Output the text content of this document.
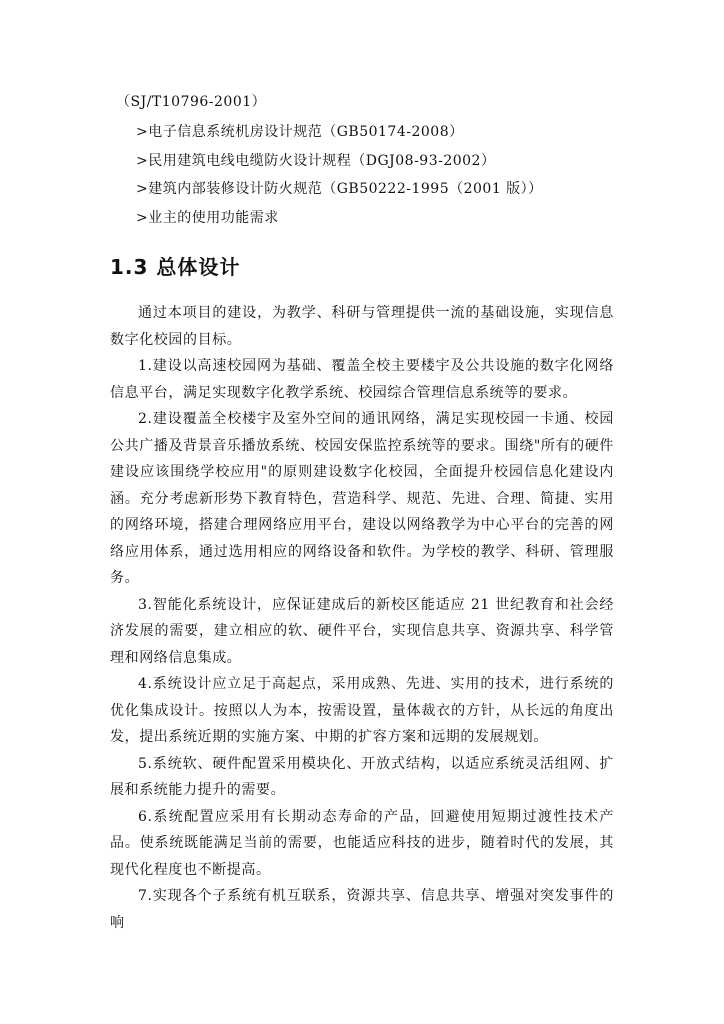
（SJ/T10796-2001）
>电子信息系统机房设计规范（GB50174-2008）
>民用建筑电线电缆防火设计规程（DGJ08-93-2002）
>建筑内部装修设计防火规范（GB50222-1995（2001 版））
>业主的使用功能需求
1.3 总体设计

通过本项目的建设，为教学、科研与管理提供一流的基础设施，实现信息数字化校园的目标。

1.建设以高速校园网为基础、覆盖全校主要楼宇及公共设施的数字化网络信息平台，满足实现数字化教学系统、校园综合管理信息系统等的要求。

2.建设覆盖全校楼宇及室外空间的通讯网络，满足实现校园一卡通、校园公共广播及背景音乐播放系统、校园安保监控系统等的要求。围绕"所有的硬件建设应该围绕学校应用"的原则建设数字化校园，全面提升校园信息化建设内涵。充分考虑新形势下教育特色，营造科学、规范、先进、合理、简捷、实用的网络环境，搭建合理网络应用平台，建设以网络教学为中心平台的完善的网络应用体系，通过选用相应的网络设备和软件。为学校的教学、科研、管理服务。

3.智能化系统设计，应保证建成后的新校区能适应 21 世纪教育和社会经济发展的需要，建立相应的软、硬件平台，实现信息共享、资源共享、科学管理和网络信息集成。

4.系统设计应立足于高起点，采用成熟、先进、实用的技术，进行系统的优化集成设计。按照以人为本，按需设置，量体裁衣的方针，从长远的角度出发，提出系统近期的实施方案、中期的扩容方案和远期的发展规划。

5.系统软、硬件配置采用模块化、开放式结构，以适应系统灵活组网、扩展和系统能力提升的需要。

6.系统配置应采用有长期动态寿命的产品，回避使用短期过渡性技术产品。使系统既能满足当前的需要，也能适应科技的进步，随着时代的发展，其现代化程度也不断提高。

7.实现各个子系统有机互联系，资源共享、信息共享、增强对突发事件的响
